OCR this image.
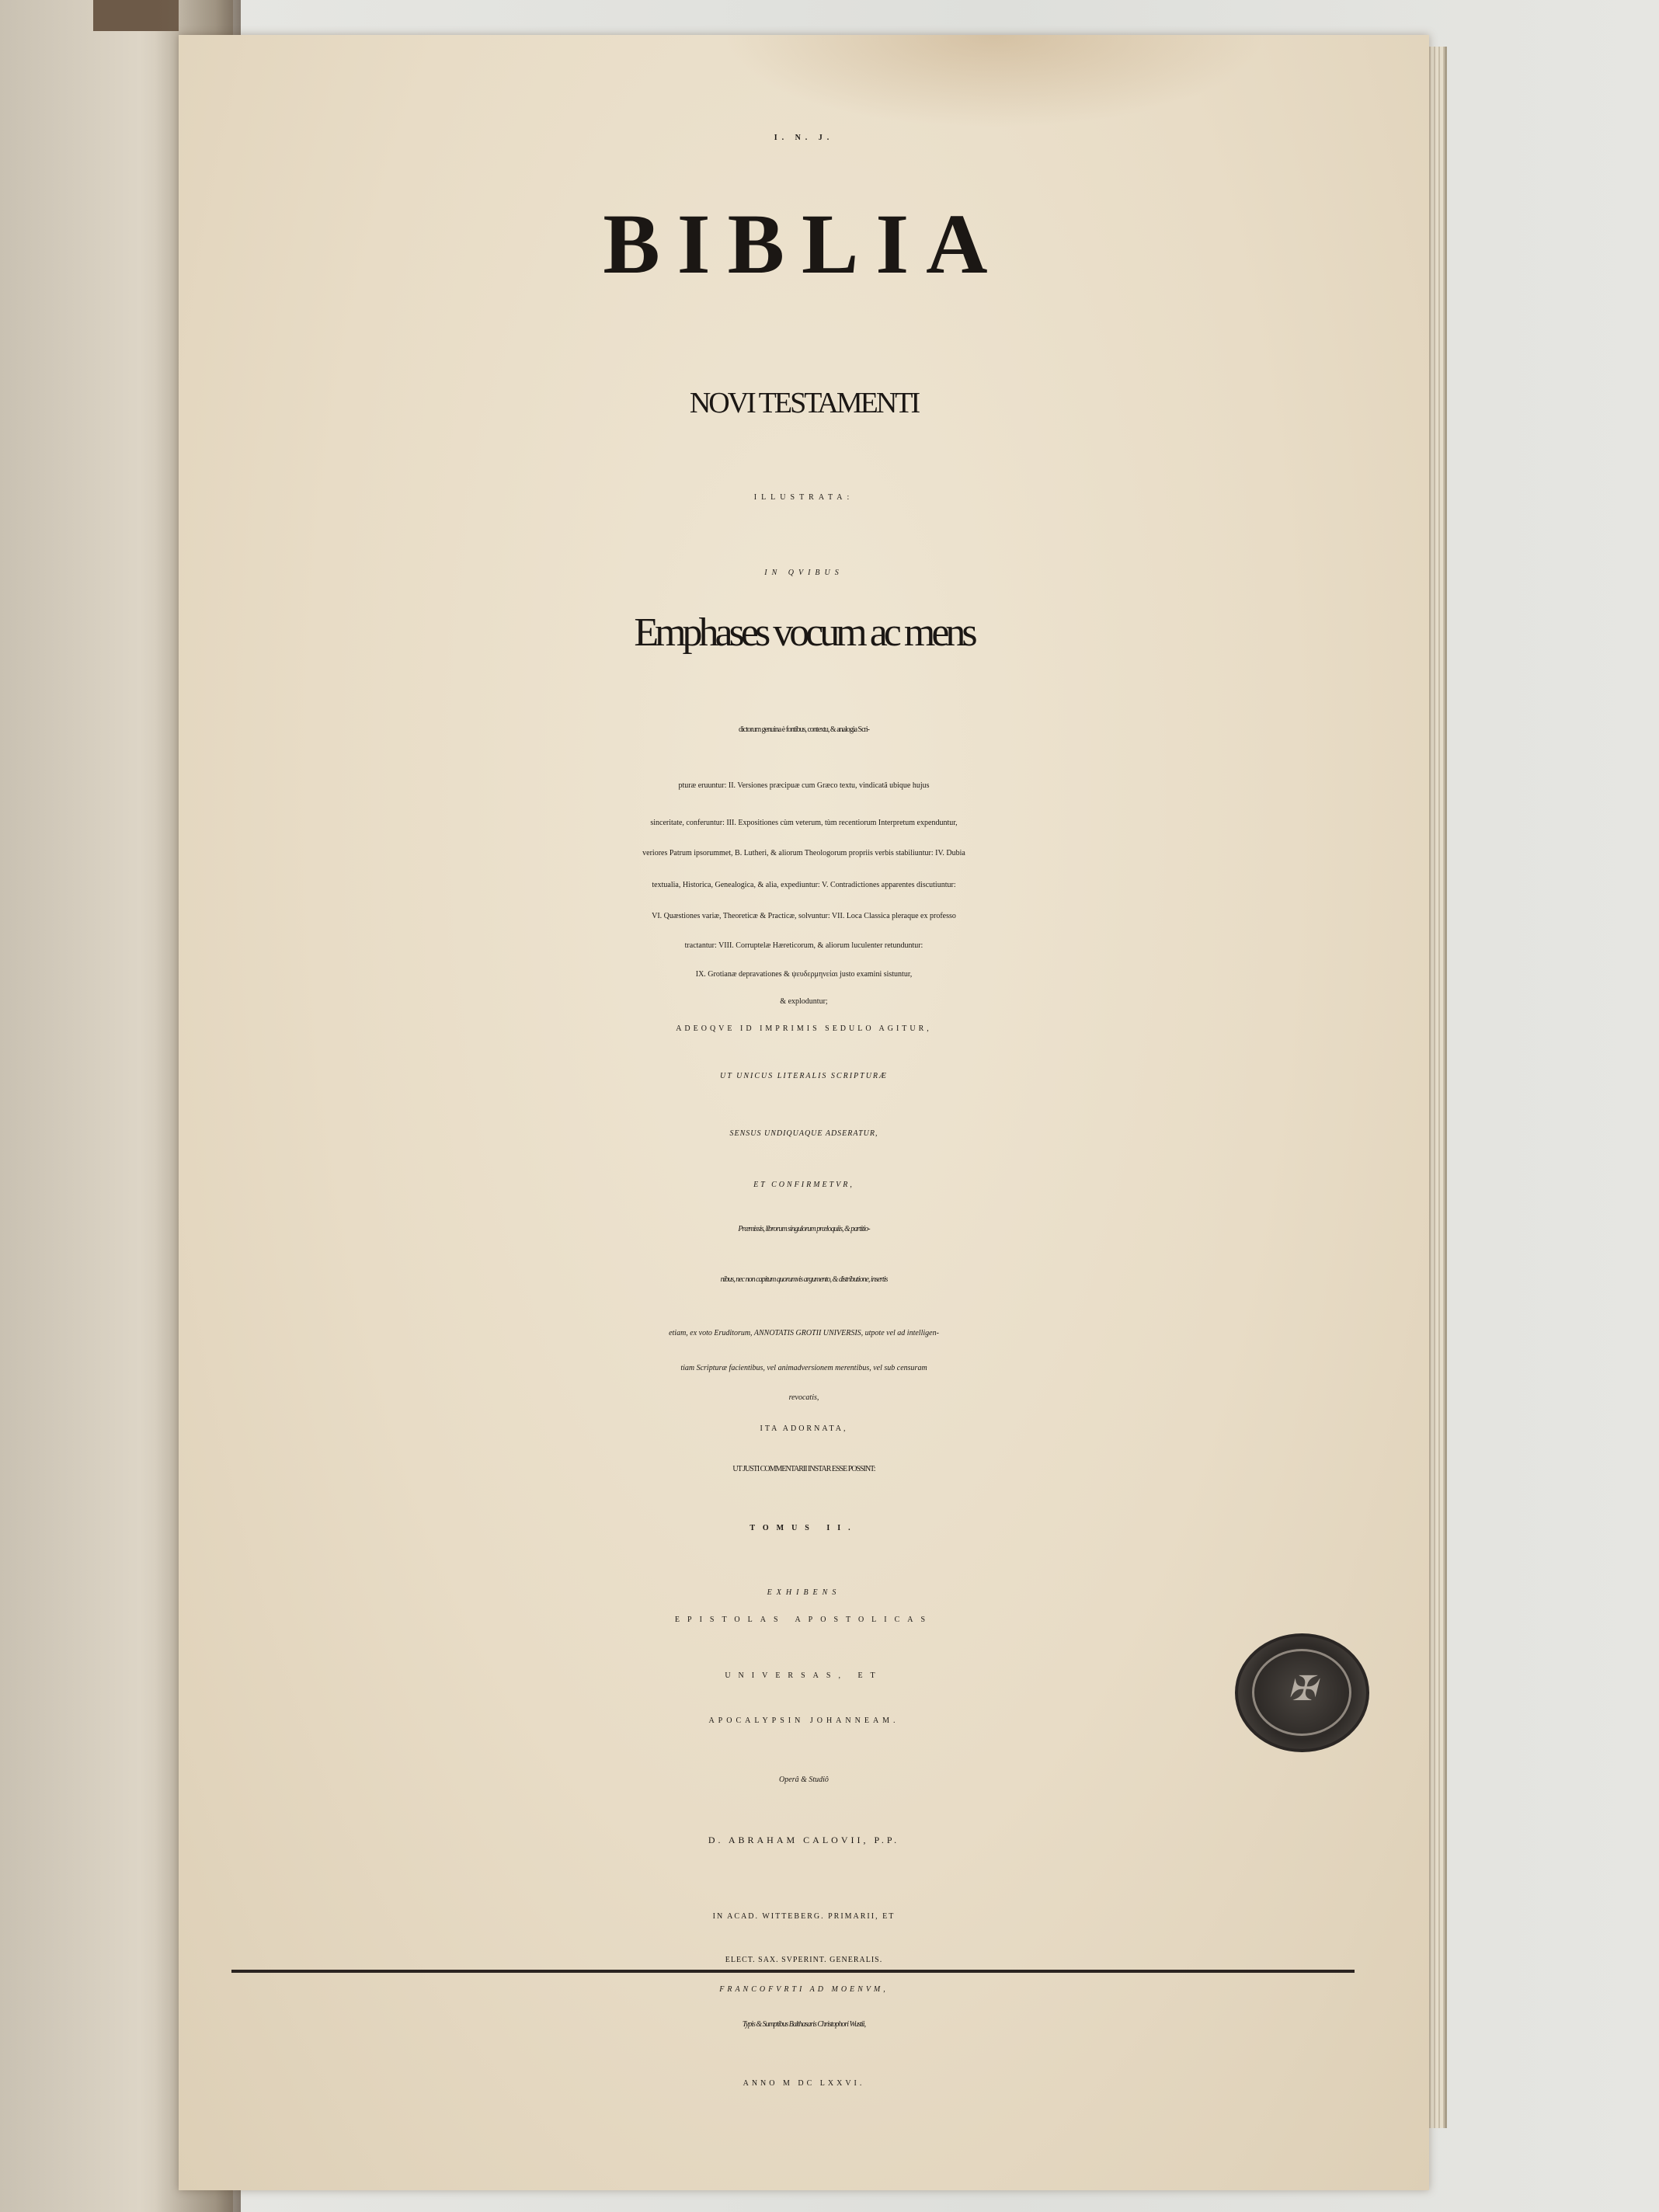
I. N. J.
BIBLIA
NOVI TESTAMENTI
ILLUSTRATA:
IN QVIBUS
Emphases vocum ac mens
dictorum genuina è fontibus, contextu, & analogia Scri-
pturæ eruuntur: II. Versiones præcipuæ cum Græco textu, vindicatâ ubique hujus
sinceritate, conferuntur: III. Expositiones cùm veterum, tùm recentiorum Interpretum expenduntur,
veriores Patrum ipsorummet, B. Lutheri, & aliorum Theologorum propriis verbis stabiliuntur: IV. Dubia
textualia, Historica, Genealogica, & alia, expediuntur: V. Contradictiones apparentes discutiuntur:
VI. Quæstiones variæ, Theoreticæ & Practicæ, solvuntur: VII. Loca Classica pleraque ex professo
tractantur: VIII. Corruptelæ Hæreticorum, & aliorum luculenter retunduntur:
IX. Grotianæ depravationes & ψευδερμηνείαι justo examini sistuntur,
& exploduntur;
ADEOQVE ID IMPRIMIS SEDULO AGITUR,
UT UNICUS LITERALIS SCRIPTURÆ
SENSUS UNDIQUAQUE ADSERATUR,
ET CONFIRMETVR,
Præmissis, librorum singulorum præloquiis, & partitio-
nibus, nec non capitum quorumvis argumento, & distributione, insertis
etiam, ex voto Eruditorum, ANNOTATIS GROTII UNIVERSIS, utpote vel ad intelligen-
tiam Scripturæ facientibus, vel animadversionem merentibus, vel sub censuram
revocatis,
ITA ADORNATA,
UT JUSTI COMMENTARII INSTAR ESSE POSSINT:
TOMUS II.
EXHIBENS
EPISTOLAS APOSTOLICAS
UNIVERSAS, ET
APOCALYPSIN JOHANNEAM.
Operâ & Studiô
D. ABRAHAM CALOVII, P.P.
IN ACAD. WITTEBERG. PRIMARII, ET
ELECT. SAX. SVPERINT. GENERALIS.
FRANCOFVRTI AD MOENVM,
Typis & Sumptibus Balthasaris Christophori Wustii,
ANNO M DC LXXVI.
✠
